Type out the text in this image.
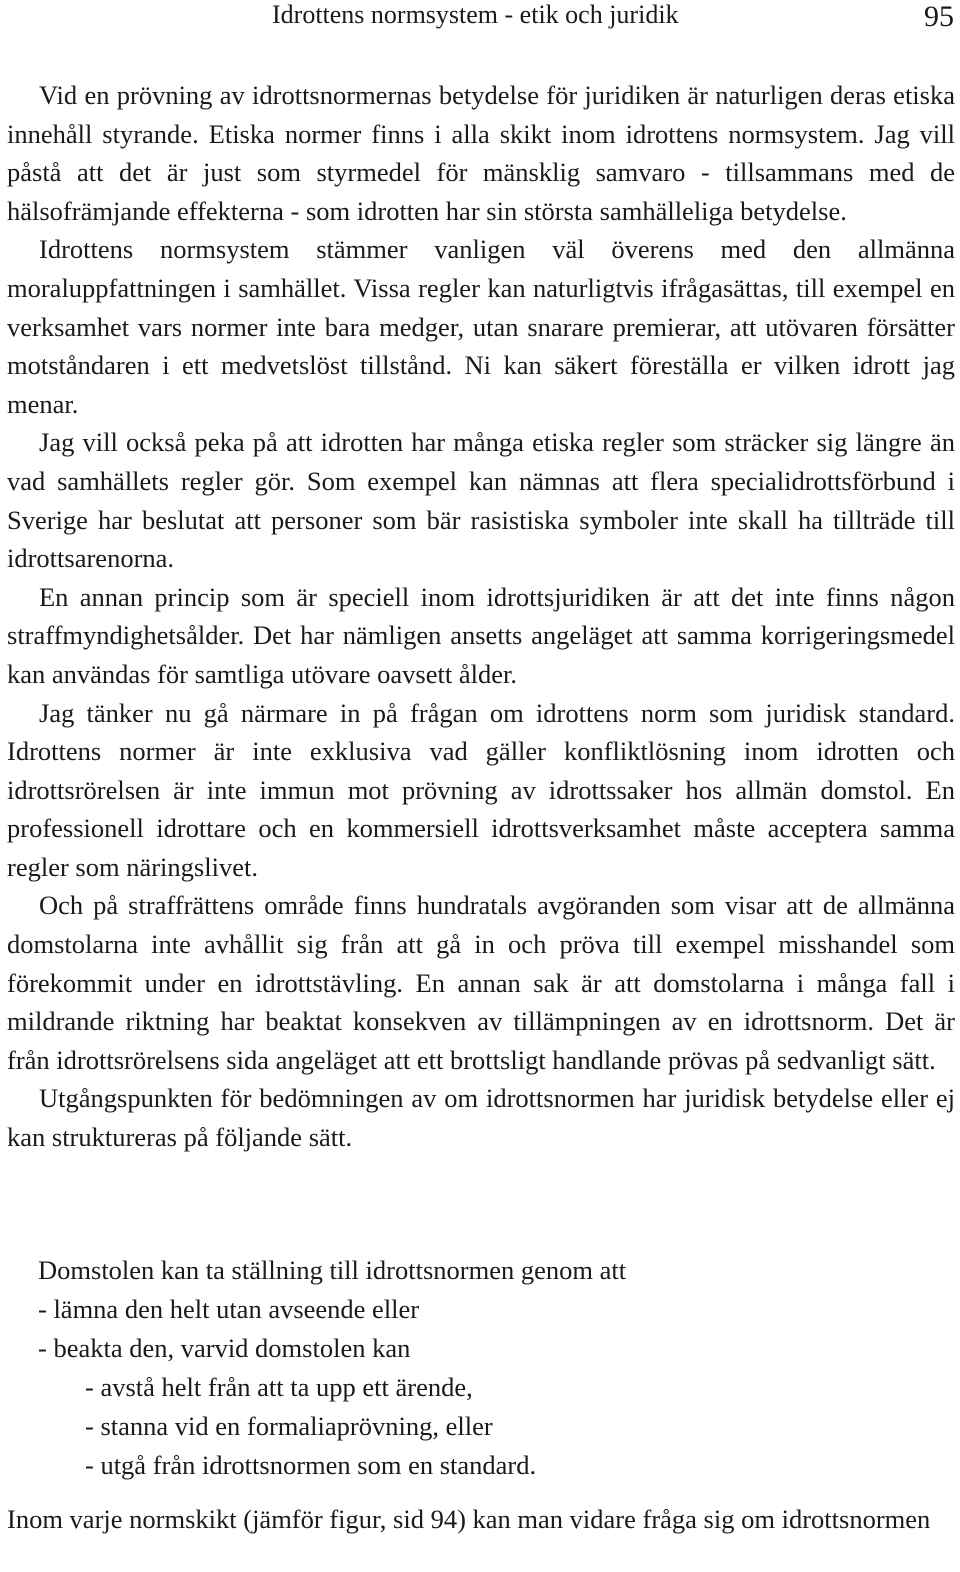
Idrottens normsystem - etik och juridik	95

Vid en prövning av idrottsnormernas betydelse för juridiken är naturligen deras etiska innehåll styrande. Etiska normer finns i alla skikt inom idrottens normsystem. Jag vill påstå att det är just som styrmedel för mänsklig samvaro - tillsammans med de hälsofrämjande effekterna - som idrotten har sin största samhälleliga betydelse.

Idrottens normsystem stämmer vanligen väl överens med den allmänna moraluppfattningen i samhället. Vissa regler kan naturligtvis ifrågasättas, till exempel en verksamhet vars normer inte bara medger, utan snarare premierar, att utövaren försätter motståndaren i ett medvetslöst tillstånd. Ni kan säkert föreställa er vilken idrott jag menar.

Jag vill också peka på att idrotten har många etiska regler som sträcker sig längre än vad samhällets regler gör. Som exempel kan nämnas att flera specialidrottsförbund i Sverige har beslutat att personer som bär rasistiska symboler inte skall ha tillträde till idrottsarenorna.

En annan princip som är speciell inom idrottsjuridiken är att det inte finns någon straffmyndighetsålder. Det har nämligen ansetts angeläget att samma korrigeringsmedel kan användas för samtliga utövare oavsett ålder.

Jag tänker nu gå närmare in på frågan om idrottens norm som juridisk standard. Idrottens normer är inte exklusiva vad gäller konfliktlösning inom idrotten och idrottsrörelsen är inte immun mot prövning av idrottssaker hos allmän domstol. En professionell idrottare och en kommersiell idrottsverksamhet måste acceptera samma regler som näringslivet.

Och på straffrättens område finns hundratals avgöranden som visar att de allmänna domstolarna inte avhållit sig från att gå in och pröva till exempel misshandel som förekommit under en idrottstävling. En annan sak är att domstolarna i många fall i mildrande riktning har beaktat konsekven av tillämpningen av en idrottsnorm. Det är från idrottsrörelsens sida angeläget att ett brottsligt handlande prövas på sedvanligt sätt.

Utgångspunkten för bedömningen av om idrottsnormen har juridisk betydelse eller ej kan struktureras på följande sätt.

Domstolen kan ta ställning till idrottsnormen genom att

- lämna den helt utan avseende eller

- beakta den, varvid domstolen kan

- avstå helt från att ta upp ett ärende,

- stanna vid en formaliaprövning, eller

- utgå från idrottsnormen som en standard.

Inom varje normskikt (jämför figur, sid 94) kan man vidare fråga sig om idrottsnormen
